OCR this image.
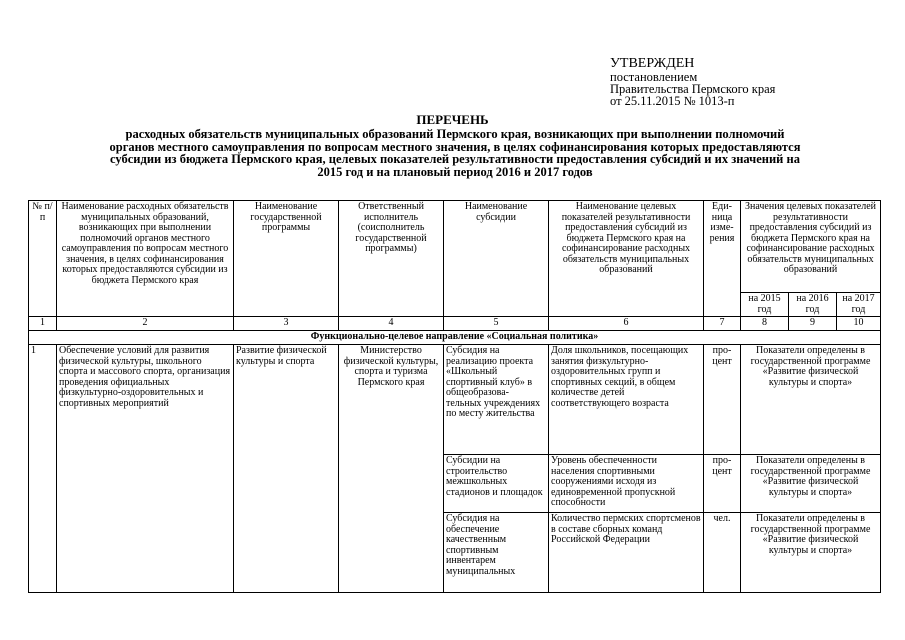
УТВЕРЖДЕН
постановлением
Правительства Пермского края
от 25.11.2015 № 1013-п
ПЕРЕЧЕНЬ
расходных обязательств муниципальных образований Пермского края, возникающих при выполнении полномочий органов местного самоуправления по вопросам местного значения, в целях софинансирования которых предоставляются субсидии из бюджета Пермского края, целевых показателей результативности предоставления субсидий и их значений на 2015 год и на плановый период 2016 и 2017 годов
№ п/п	Наименование расходных обязательств муниципальных образований, возникающих при выполнении полномочий органов местного самоуправления по вопросам местного значения, в целях софинансирования которых предоставляются субсидии из бюджета Пермского края	Наименование государственной программы	Ответственный исполнитель (соисполнитель государственной программы)	Наименование субсидии	Наименование целевых показателей результативности предоставления субсидий из бюджета Пермского края на софинансирование расходных обязательств муниципальных образований	Еди- ница изме- рения	Значения целевых показателей результативности предоставления субсидий из бюджета Пермского края на софинансирование расходных обязательств муниципальных образований		
							на 2015 год	на 2016 год	на 2017 год
1	2	3	4	5	6	7	8	9	10
Функционально-целевое направление «Социальная политика»									
1	Обеспечение условий для развития физической культуры, школьного спорта и массового спорта, организация проведения официальных физкультурно-оздоровительных и спортивных мероприятий	Развитие физической культуры и спорта	Министерство физической культуры, спорта и туризма Пермского края	Субсидия на реализацию проекта «Школьный спортивный клуб» в общеобразова- тельных учреждениях по месту жительства	Доля школьников, посещающих занятия физкультурно- оздоровительных групп и спортивных секций, в общем количестве детей соответствующего возраста	про- цент	Показатели определены в государственной программе «Развитие физической культуры и спорта»		
				Субсидии на строительство межшкольных стадионов и площадок	Уровень обеспеченности населения спортивными сооружениями исходя из единовременной пропускной способности	про- цент	Показатели определены в государственной программе «Развитие физической культуры и спорта»		
				Субсидия на обеспечение качественным спортивным инвентарем муниципальных	Количество пермских спортсменов в составе сборных команд Российской Федерации	чел.	Показатели определены в государственной программе «Развитие физической культуры и спорта»		
